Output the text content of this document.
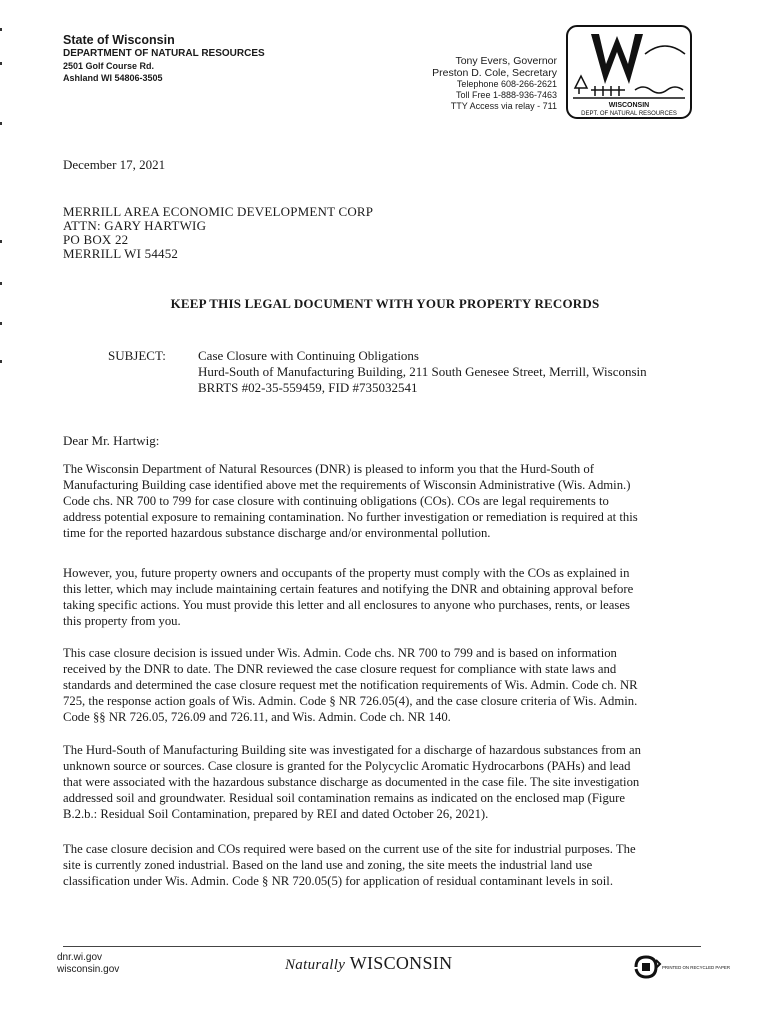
State of Wisconsin
DEPARTMENT OF NATURAL RESOURCES
2501 Golf Course Rd.
Ashland WI 54806-3505
Tony Evers, Governor
Preston D. Cole, Secretary
Telephone 608-266-2621
Toll Free 1-888-936-7463
TTY Access via relay - 711	WISCONSIN
DEPT. OF NATURAL RESOURCES
December 17, 2021
MERRILL AREA ECONOMIC DEVELOPMENT CORP
ATTN: GARY HARTWIG
PO BOX 22
MERRILL WI 54452
KEEP THIS LEGAL DOCUMENT WITH YOUR PROPERTY RECORDS
SUBJECT: Case Closure with Continuing Obligations
Hurd-South of Manufacturing Building, 211 South Genesee Street, Merrill, Wisconsin
BRRTS #02-35-559459, FID #735032541
Dear Mr. Hartwig:
The Wisconsin Department of Natural Resources (DNR) is pleased to inform you that the Hurd-South of
Manufacturing Building case identified above met the requirements of Wisconsin Administrative (Wis. Admin.)
Code chs. NR 700 to 799 for case closure with continuing obligations (COs). COs are legal requirements to
address potential exposure to remaining contamination. No further investigation or remediation is required at this
time for the reported hazardous substance discharge and/or environmental pollution.
However, you, future property owners and occupants of the property must comply with the COs as explained in
this letter, which may include maintaining certain features and notifying the DNR and obtaining approval before
taking specific actions. You must provide this letter and all enclosures to anyone who purchases, rents, or leases
this property from you.
This case closure decision is issued under Wis. Admin. Code chs. NR 700 to 799 and is based on information
received by the DNR to date. The DNR reviewed the case closure request for compliance with state laws and
standards and determined the case closure request met the notification requirements of Wis. Admin. Code ch. NR
725, the response action goals of Wis. Admin. Code § NR 726.05(4), and the case closure criteria of Wis. Admin.
Code §§ NR 726.05, 726.09 and 726.11, and Wis. Admin. Code ch. NR 140.
The Hurd-South of Manufacturing Building site was investigated for a discharge of hazardous substances from an
unknown source or sources. Case closure is granted for the Polycyclic Aromatic Hydrocarbons (PAHs) and lead
that were associated with the hazardous substance discharge as documented in the case file. The site investigation
addressed soil and groundwater. Residual soil contamination remains as indicated on the enclosed map (Figure
B.2.b.: Residual Soil Contamination, prepared by REI and dated October 26, 2021).
The case closure decision and COs required were based on the current use of the site for industrial purposes. The
site is currently zoned industrial. Based on the land use and zoning, the site meets the industrial land use
classification under Wis. Admin. Code § NR 720.05(5) for application of residual contaminant levels in soil.
dnr.wi.gov
wisconsin.gov	Naturally WISCONSIN	PRINTED ON RECYCLED PAPER
